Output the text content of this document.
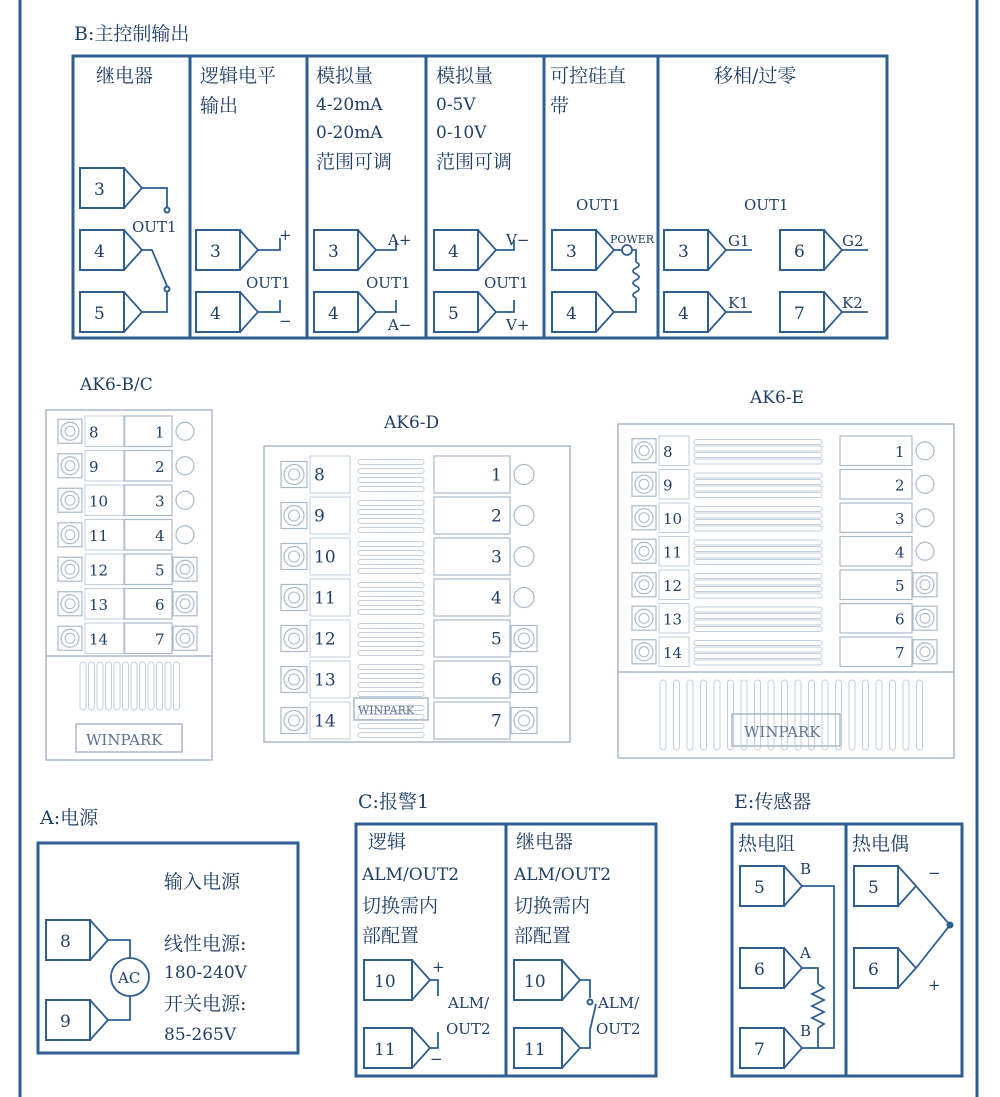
B:主控制输出
继电器
3
4
5
OUT1
逻辑电平
输出
3
4
+
OUT1
−
模拟量
4-20mA
0-20mA
范围可调
3
4
A+
OUT1
A−
模拟量
0-5V
0-10V
范围可调
4
5
V−
OUT1
V+
可控硅直
带
OUT1
3
4
POWER
移相/过零
OUT1
3	6
4	7
G1	G2
K1	K2
AK6-B/C
8
9
10
11
12
13
14
1
2
3
4
5
6
7
WINPARK
AK6-D
8
9
10
11
12
13
14
1
2
3
4
5
6
7
WINPARK
AK6-E
8
9
10
11
12
13
14
1
2
3
4
5
6
7
WINPARK
A:电源
输入电源
线性电源:
180-240V
开关电源:
85-265V
8
9
AC
C:报警1
逻辑
ALM/OUT2
切换需内
部配置
10
11
+
−
ALM/
OUT2
继电器
ALM/OUT2
切换需内
部配置
10
11
ALM/
OUT2
E:传感器
热电阻
5
6
7
B
A
B
热电偶
5
6
−
+
